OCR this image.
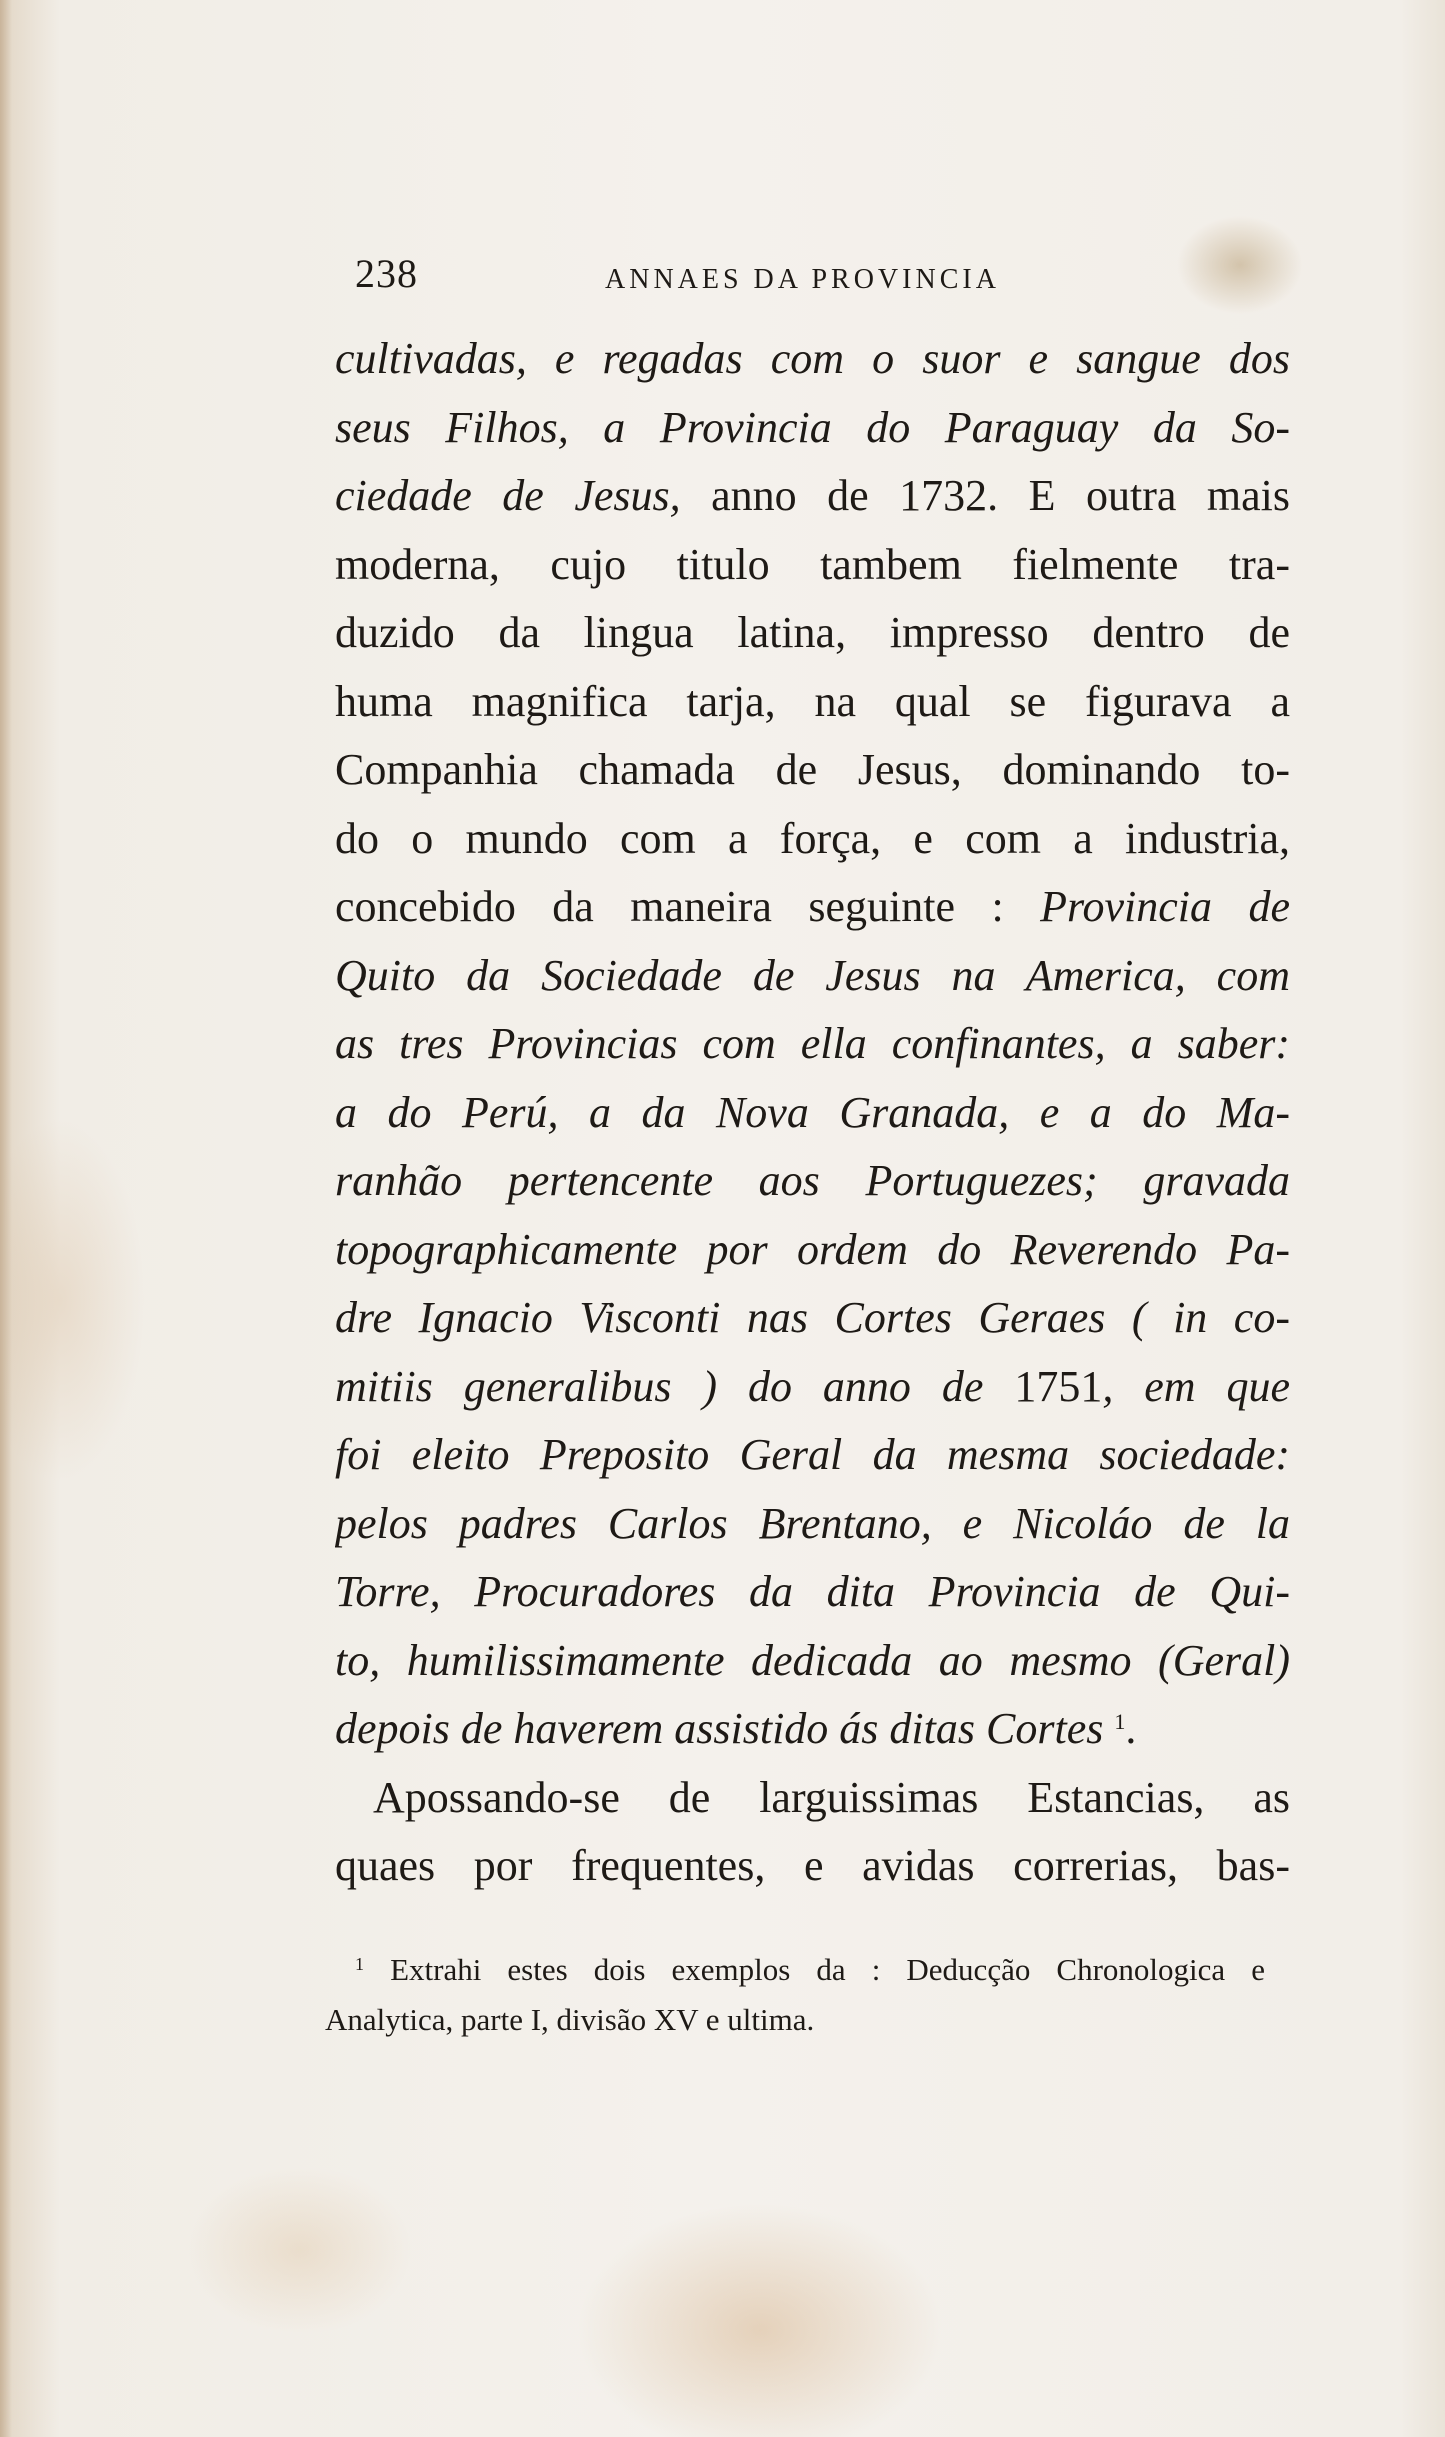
238	ANNAES DA PROVINCIA
cultivadas, e regadas com o suor e sangue dos
seus Filhos, a Provincia do Paraguay da So-
ciedade de Jesus, anno de 1732. E outra mais
moderna, cujo titulo tambem fielmente tra-
duzido da lingua latina, impresso dentro de
huma magnifica tarja, na qual se figurava a
Companhia chamada de Jesus, dominando to-
do o mundo com a força, e com a industria,
concebido da maneira seguinte : Provincia de
Quito da Sociedade de Jesus na America, com
as tres Provincias com ella confinantes, a saber:
a do Perú, a da Nova Granada, e a do Ma-
ranhão pertencente aos Portuguezes; gravada
topographicamente por ordem do Reverendo Pa-
dre Ignacio Visconti nas Cortes Geraes ( in co-
mitiis generalibus ) do anno de 1751, em que
foi eleito Preposito Geral da mesma sociedade:
pelos padres Carlos Brentano, e Nicoláo de la
Torre, Procuradores da dita Provincia de Qui-
to, humilissimamente dedicada ao mesmo (Geral)
depois de haverem assistido ás ditas Cortes $^1$.
Apossando-se de larguissimas Estancias, as
quaes por frequentes, e avidas correrias, bas-
$^1$ Extrahi estes dois exemplos da : Deducção Chronologica e
Analytica, parte I, divisão XV e ultima.
